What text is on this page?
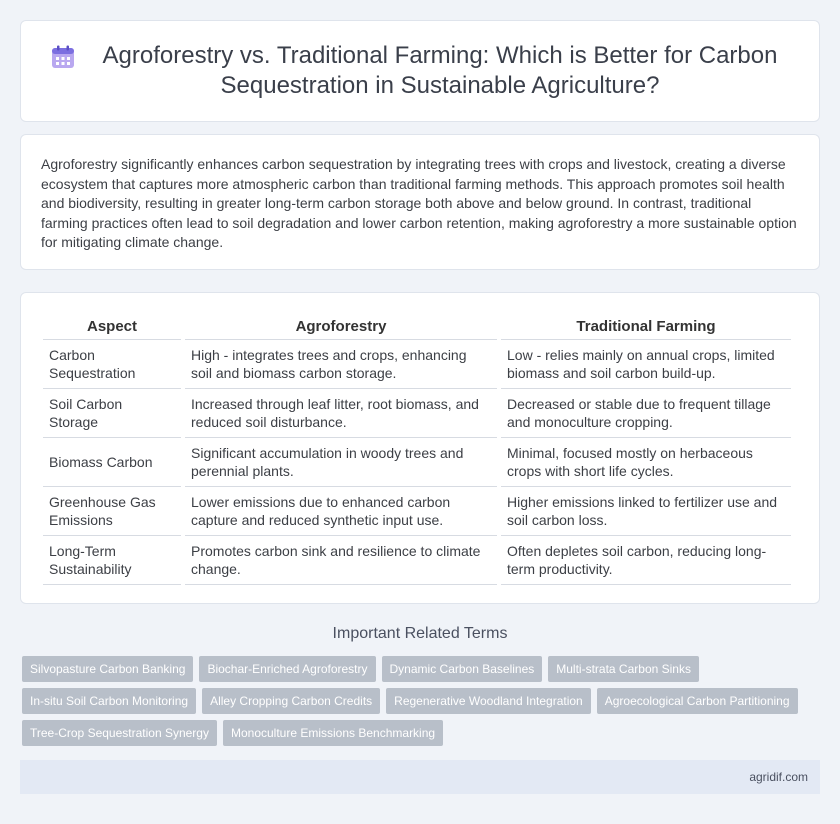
Agroforestry vs. Traditional Farming: Which is Better for Carbon Sequestration in Sustainable Agriculture?

Agroforestry significantly enhances carbon sequestration by integrating trees with crops and livestock, creating a diverse ecosystem that captures more atmospheric carbon than traditional farming methods. This approach promotes soil health and biodiversity, resulting in greater long-term carbon storage both above and below ground. In contrast, traditional farming practices often lead to soil degradation and lower carbon retention, making agroforestry a more sustainable option for mitigating climate change.

Aspect	Agroforestry	Traditional Farming
Carbon Sequestration	High - integrates trees and crops, enhancing soil and biomass carbon storage.	Low - relies mainly on annual crops, limited biomass and soil carbon build-up.
Soil Carbon Storage	Increased through leaf litter, root biomass, and reduced soil disturbance.	Decreased or stable due to frequent tillage and monoculture cropping.
Biomass Carbon	Significant accumulation in woody trees and perennial plants.	Minimal, focused mostly on herbaceous crops with short life cycles.
Greenhouse Gas Emissions	Lower emissions due to enhanced carbon capture and reduced synthetic input use.	Higher emissions linked to fertilizer use and soil carbon loss.
Long-Term Sustainability	Promotes carbon sink and resilience to climate change.	Often depletes soil carbon, reducing long-term productivity.
Important Related Terms
Silvopasture Carbon Banking	Biochar-Enriched Agroforestry	Dynamic Carbon Baselines	Multi-strata Carbon Sinks
In-situ Soil Carbon Monitoring	Alley Cropping Carbon Credits	Regenerative Woodland Integration	Agroecological Carbon Partitioning
Tree-Crop Sequestration Synergy	Monoculture Emissions Benchmarking
agridif.com
